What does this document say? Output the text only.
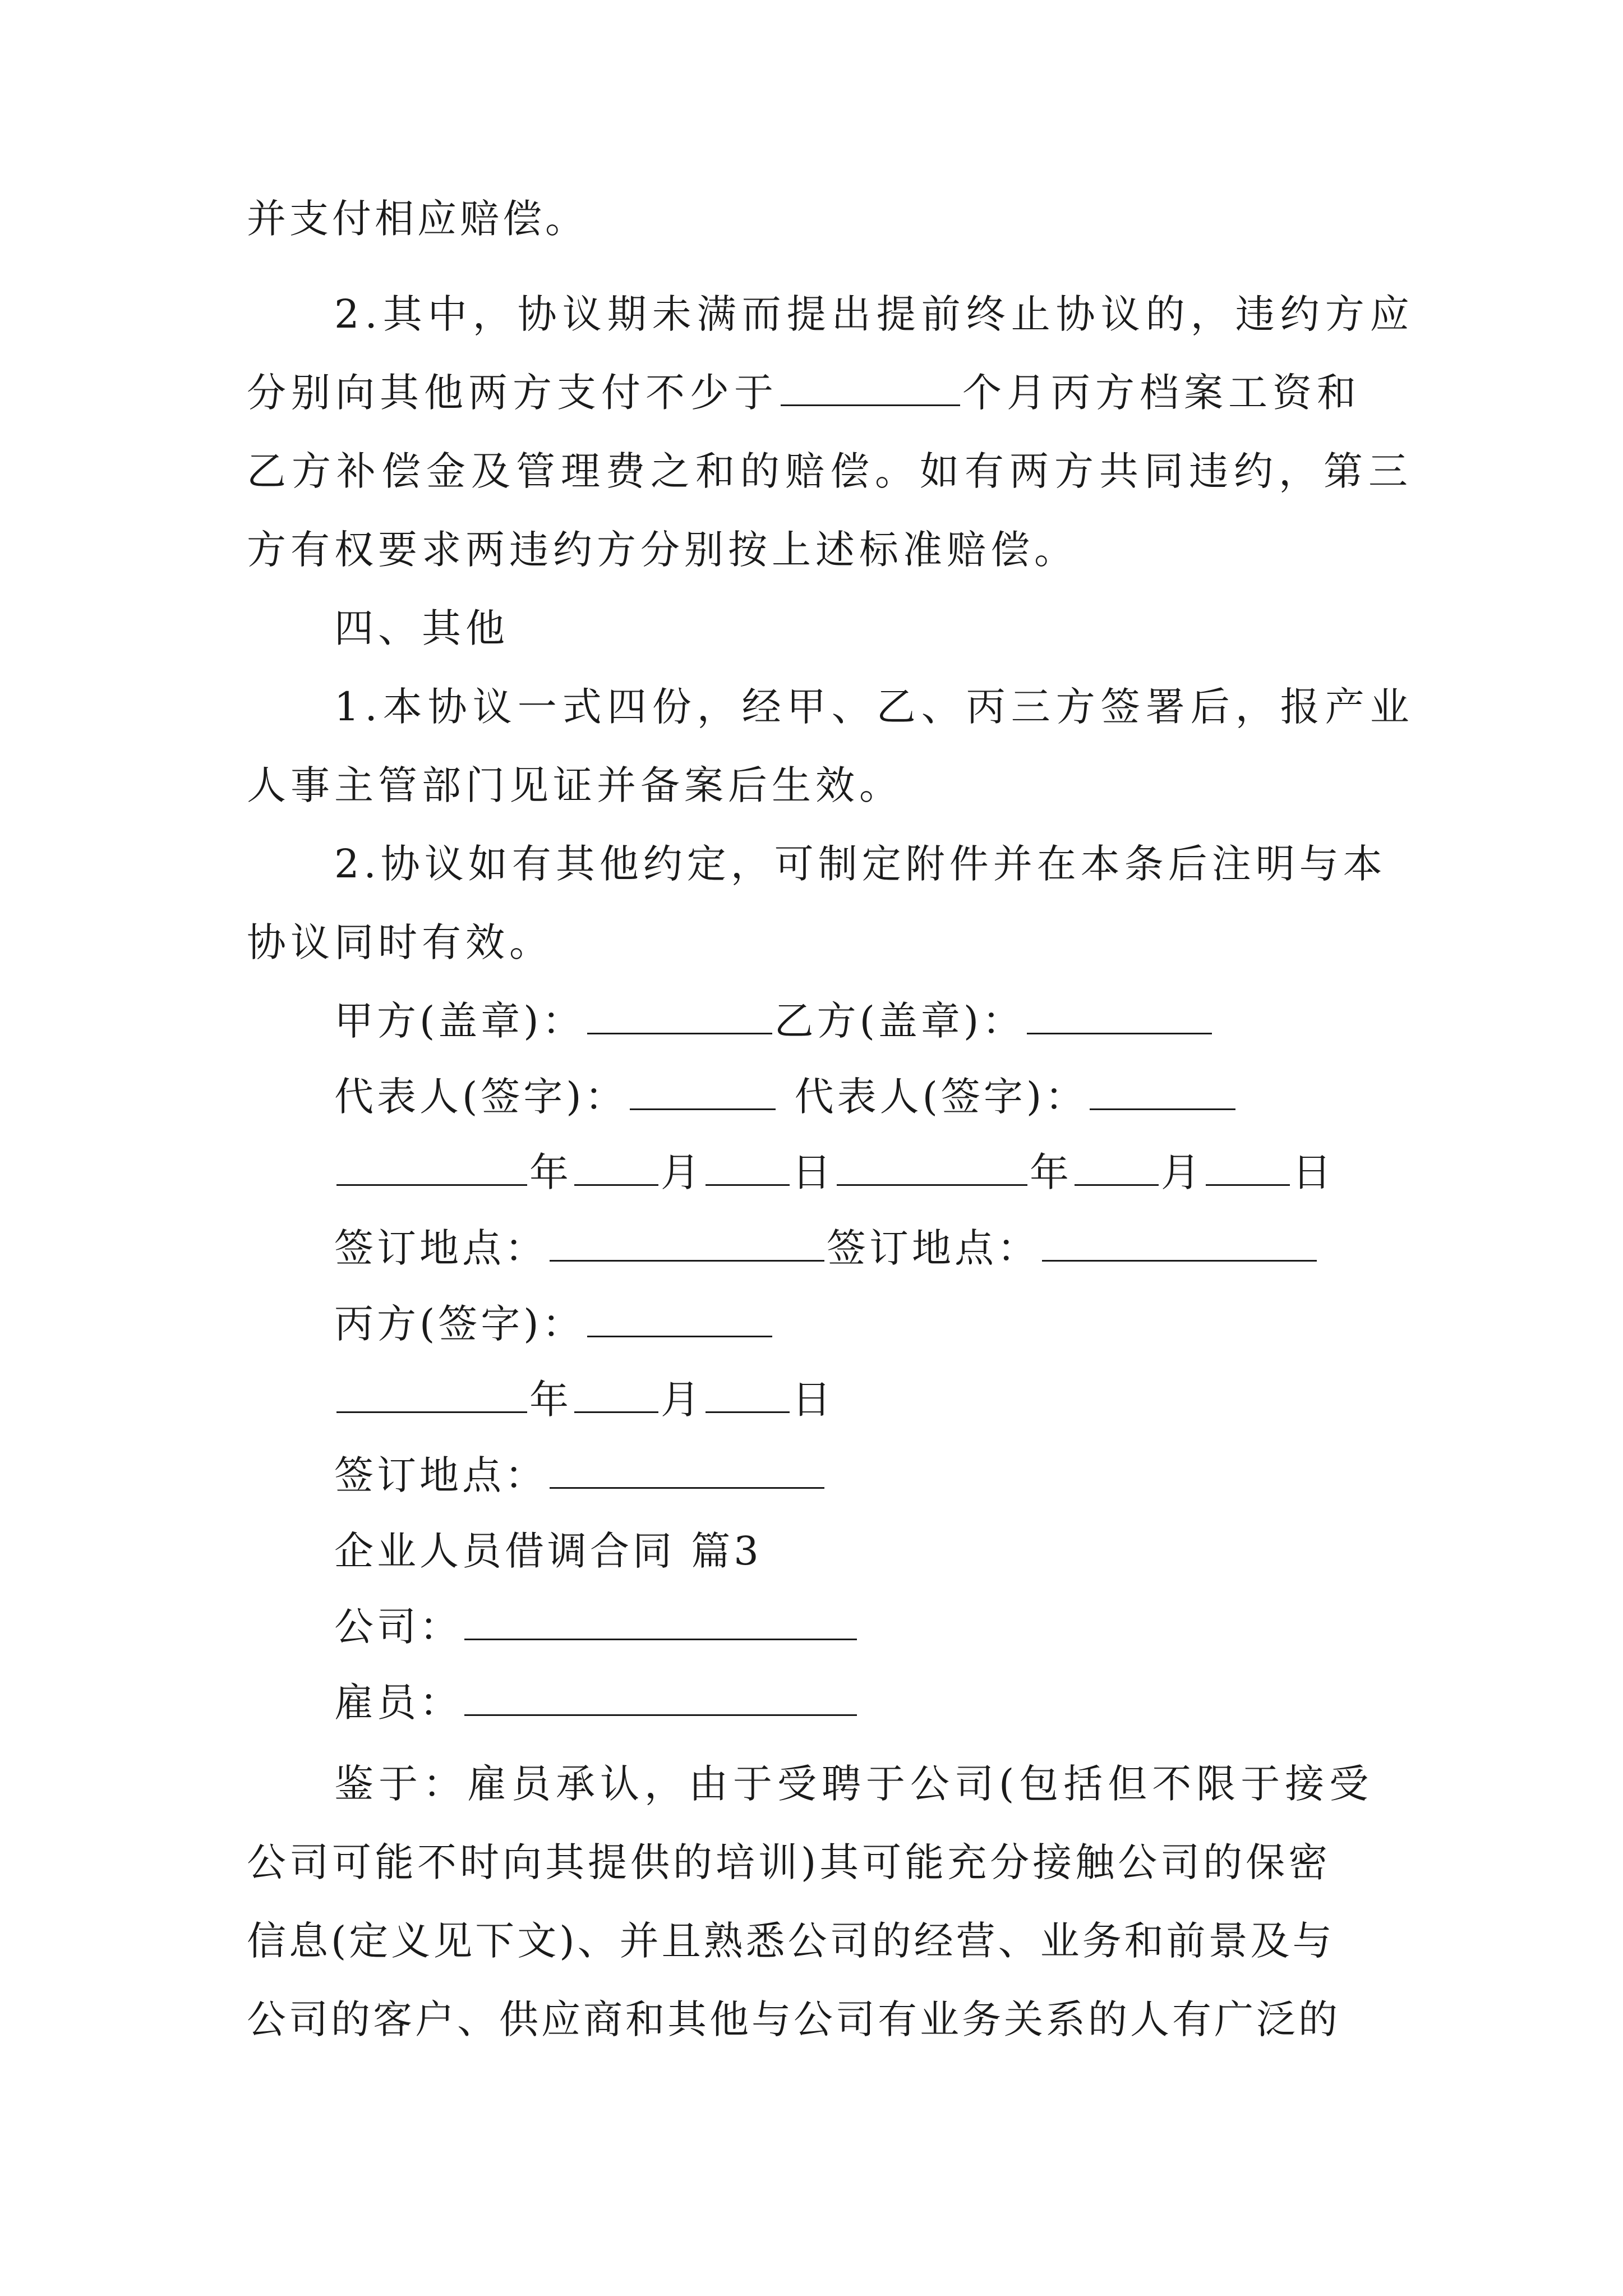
并支付相应赔偿。
2.其中，协议期未满而提出提前终止协议的，违约方应
分别向其他两方支付不少于	个月丙方档案工资和
乙方补偿金及管理费之和的赔偿。如有两方共同违约，第三
方有权要求两违约方分别按上述标准赔偿。
四、其他
1.本协议一式四份，经甲、乙、丙三方签署后，报产业
人事主管部门见证并备案后生效。
2.协议如有其他约定，可制定附件并在本条后注明与本
协议同时有效。
甲方(盖章)：	乙方(盖章)：
代表人(签字)：	代表人(签字)：
年 月 日	年 月 日
签订地点：	签订地点：
丙方(签字)：
年 月 日
签订地点：
企业人员借调合同 篇3
公司：
雇员：
鉴于：雇员承认，由于受聘于公司(包括但不限于接受
公司可能不时向其提供的培训)其可能充分接触公司的保密
信息(定义见下文)、并且熟悉公司的经营、业务和前景及与
公司的客户、供应商和其他与公司有业务关系的人有广泛的
